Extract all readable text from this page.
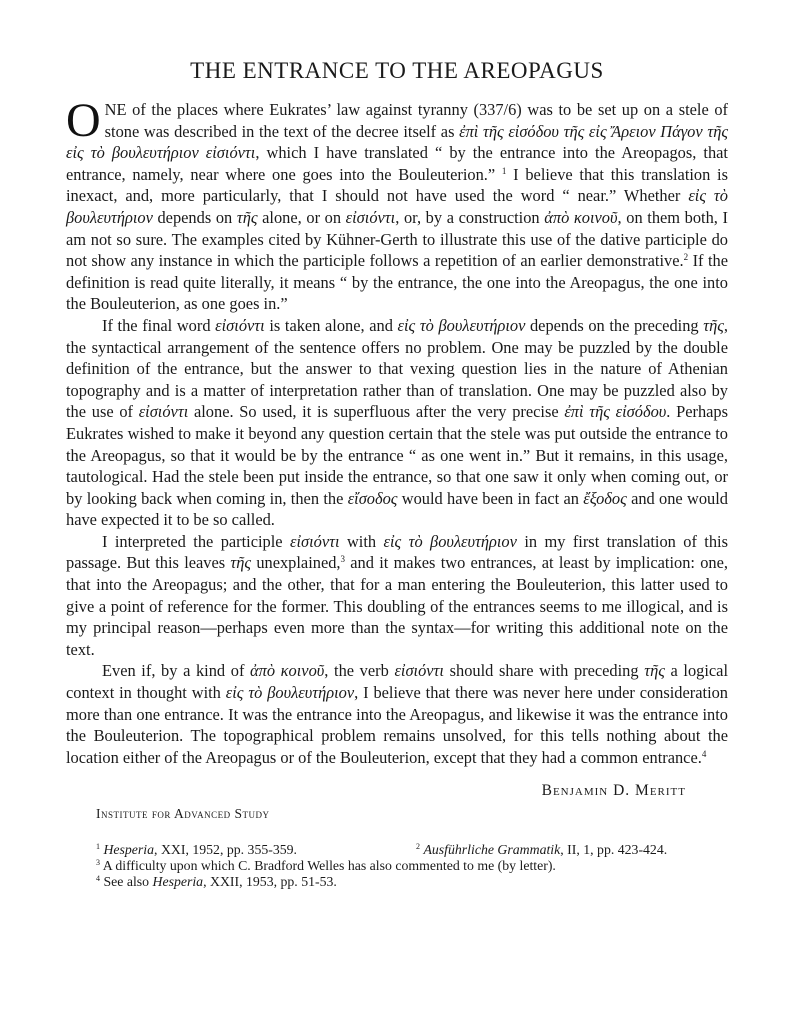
THE ENTRANCE TO THE AREOPAGUS

ONE of the places where Eukrates’ law against tyranny (337/6) was to be set up on a stele of stone was described in the text of the decree itself as ἐπὶ τῆς εἰσόδου τῆς εἰς Ἄρειον Πάγον τῆς εἰς τὸ βουλευτήριον εἰσιόντι, which I have translated “ by the entrance into the Areopagos, that entrance, namely, near where one goes into the Bouleuterion.” $^1$ I believe that this translation is inexact, and, more particularly, that I should not have used the word “ near.” Whether εἰς τὸ βουλευτήριον depends on τῆς alone, or on εἰσιόντι, or, by a construction ἀπὸ κοινοῦ, on them both, I am not so sure. The examples cited by Kühner-Gerth to illustrate this use of the dative participle do not show any instance in which the participle follows a repetition of an earlier demonstrative.$^2$ If the definition is read quite literally, it means “ by the entrance, the one into the Areopagus, the one into the Bouleuterion, as one goes in.”

If the final word εἰσιόντι is taken alone, and εἰς τὸ βουλευτήριον depends on the preceding τῆς, the syntactical arrangement of the sentence offers no problem. One may be puzzled by the double definition of the entrance, but the answer to that vexing question lies in the nature of Athenian topography and is a matter of interpretation rather than of translation. One may be puzzled also by the use of εἰσιόντι alone. So used, it is superfluous after the very precise ἐπὶ τῆς εἰσόδου. Perhaps Eukrates wished to make it beyond any question certain that the stele was put outside the entrance to the Areopagus, so that it would be by the entrance “ as one went in.” But it remains, in this usage, tautological. Had the stele been put inside the entrance, so that one saw it only when coming out, or by looking back when coming in, then the εἴσοδος would have been in fact an ἔξοδος and one would have expected it to be so called.

I interpreted the participle εἰσιόντι with εἰς τὸ βουλευτήριον in my first translation of this passage. But this leaves τῆς unexplained,$^3$ and it makes two entrances, at least by implication: one, that into the Areopagus; and the other, that for a man entering the Bouleuterion, this latter used to give a point of reference for the former. This doubling of the entrances seems to me illogical, and is my principal reason—perhaps even more than the syntax—for writing this additional note on the text.

Even if, by a kind of ἀπὸ κοινοῦ, the verb εἰσιόντι should share with preceding τῆς a logical context in thought with εἰς τὸ βουλευτήριον, I believe that there was never here under consideration more than one entrance. It was the entrance into the Areopagus, and likewise it was the entrance into the Bouleuterion. The topographical problem remains unsolved, for this tells nothing about the location either of the Areopagus or of the Bouleuterion, except that they had a common entrance.$^4$

Benjamin D. Meritt
Institute for Advanced Study
$^1$ Hesperia, XXI, 1952, pp. 355-359.	$^2$ Ausführliche Grammatik, II, 1, pp. 423-424.
$^3$ A difficulty upon which C. Bradford Welles has also commented to me (by letter).
$^4$ See also Hesperia, XXII, 1953, pp. 51-53.
